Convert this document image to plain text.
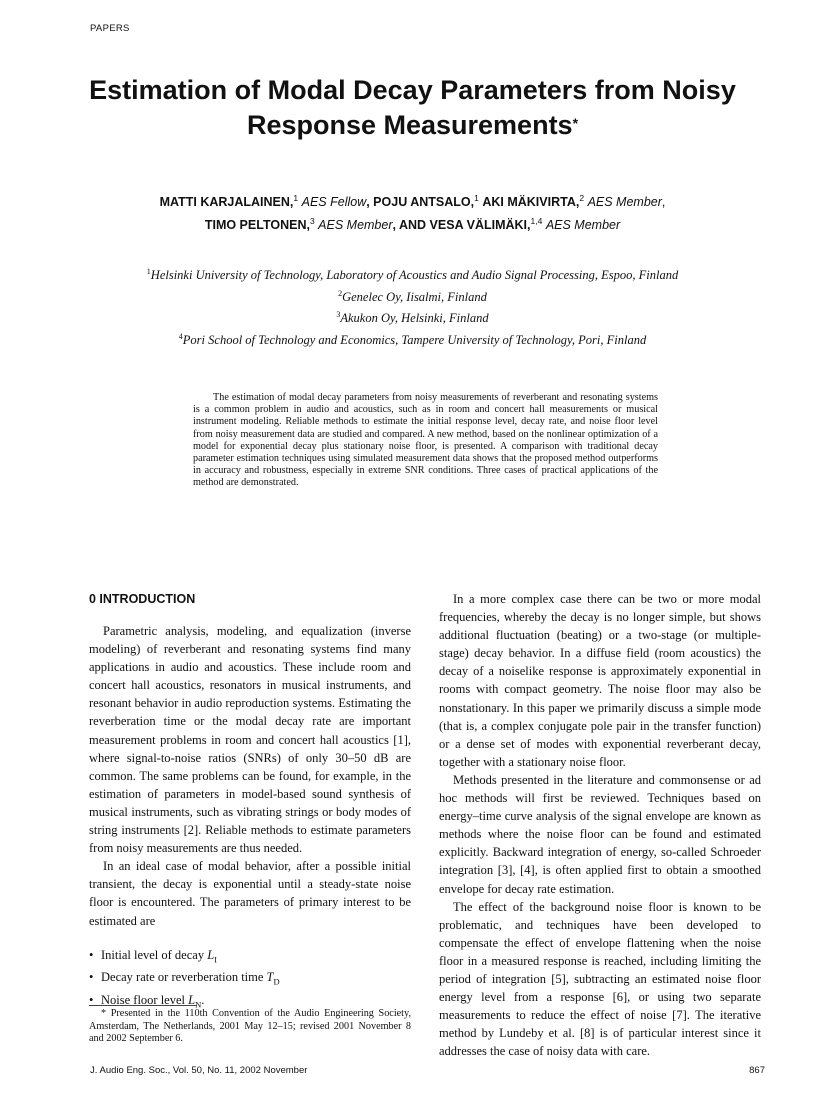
PAPERS
Estimation of Modal Decay Parameters from Noisy
Response Measurements*
MATTI KARJALAINEN,$^1$ AES Fellow, POJU ANTSALO,$^1$ AKI MÄKIVIRTA,$^2$ AES Member,
TIMO PELTONEN,$^3$ AES Member, AND VESA VÄLIMÄKI,$^{1,4}$ AES Member
$^1$Helsinki University of Technology, Laboratory of Acoustics and Audio Signal Processing, Espoo, Finland
$^2$Genelec Oy, Iisalmi, Finland
$^3$Akukon Oy, Helsinki, Finland
$^4$Pori School of Technology and Economics, Tampere University of Technology, Pori, Finland
The estimation of modal decay parameters from noisy measurements of reverberant and resonating systems is a common problem in audio and acoustics, such as in room and concert hall measurements or musical instrument modeling. Reliable methods to estimate the initial response level, decay rate, and noise floor level from noisy measurement data are studied and compared. A new method, based on the nonlinear optimization of a model for exponential decay plus stationary noise floor, is presented. A comparison with traditional decay parameter estimation techniques using simulated measurement data shows that the proposed method outperforms in accuracy and robustness, especially in extreme SNR conditions. Three cases of practical applications of the method are demonstrated.
0 INTRODUCTION

Parametric analysis, modeling, and equalization (inverse modeling) of reverberant and resonating systems find many applications in audio and acoustics. These include room and concert hall acoustics, resonators in musical instruments, and resonant behavior in audio reproduction systems. Estimating the reverberation time or the modal decay rate are important measurement problems in room and concert hall acoustics [1], where signal-to-noise ratios (SNRs) of only 30–50 dB are common. The same problems can be found, for example, in the estimation of parameters in model-based sound synthesis of musical instruments, such as vibrating strings or body modes of string instruments [2]. Reliable methods to estimate parameters from noisy measurements are thus needed.

In an ideal case of modal behavior, after a possible initial transient, the decay is exponential until a steady-state noise floor is encountered. The parameters of primary interest to be estimated are

• Initial level of decay $L_I$
• Decay rate or reverberation time $T_D$
• Noise floor level $L_N$.

In a more complex case there can be two or more modal frequencies, whereby the decay is no longer simple, but shows additional fluctuation (beating) or a two-stage (or multiple-stage) decay behavior. In a diffuse field (room acoustics) the decay of a noiselike response is approximately exponential in rooms with compact geometry. The noise floor may also be nonstationary. In this paper we primarily discuss a simple mode (that is, a complex conjugate pole pair in the transfer function) or a dense set of modes with exponential reverberant decay, together with a stationary noise floor.

Methods presented in the literature and commonsense or ad hoc methods will first be reviewed. Techniques based on energy–time curve analysis of the signal envelope are known as methods where the noise floor can be found and estimated explicitly. Backward integration of energy, so-called Schroeder integration [3], [4], is often applied first to obtain a smoothed envelope for decay rate estimation.

The effect of the background noise floor is known to be problematic, and techniques have been developed to compensate the effect of envelope flattening when the noise floor in a measured response is reached, including limiting the period of integration [5], subtracting an estimated noise floor energy level from a response [6], or using two separate measurements to reduce the effect of noise [7]. The iterative method by Lundeby et al. [8] is of particular interest since it addresses the case of noisy data with care.

* Presented in the 110th Convention of the Audio Engineering Society, Amsterdam, The Netherlands, 2001 May 12–15; revised 2001 November 8 and 2002 September 6.
J. Audio Eng. Soc., Vol. 50, No. 11, 2002 November	867
